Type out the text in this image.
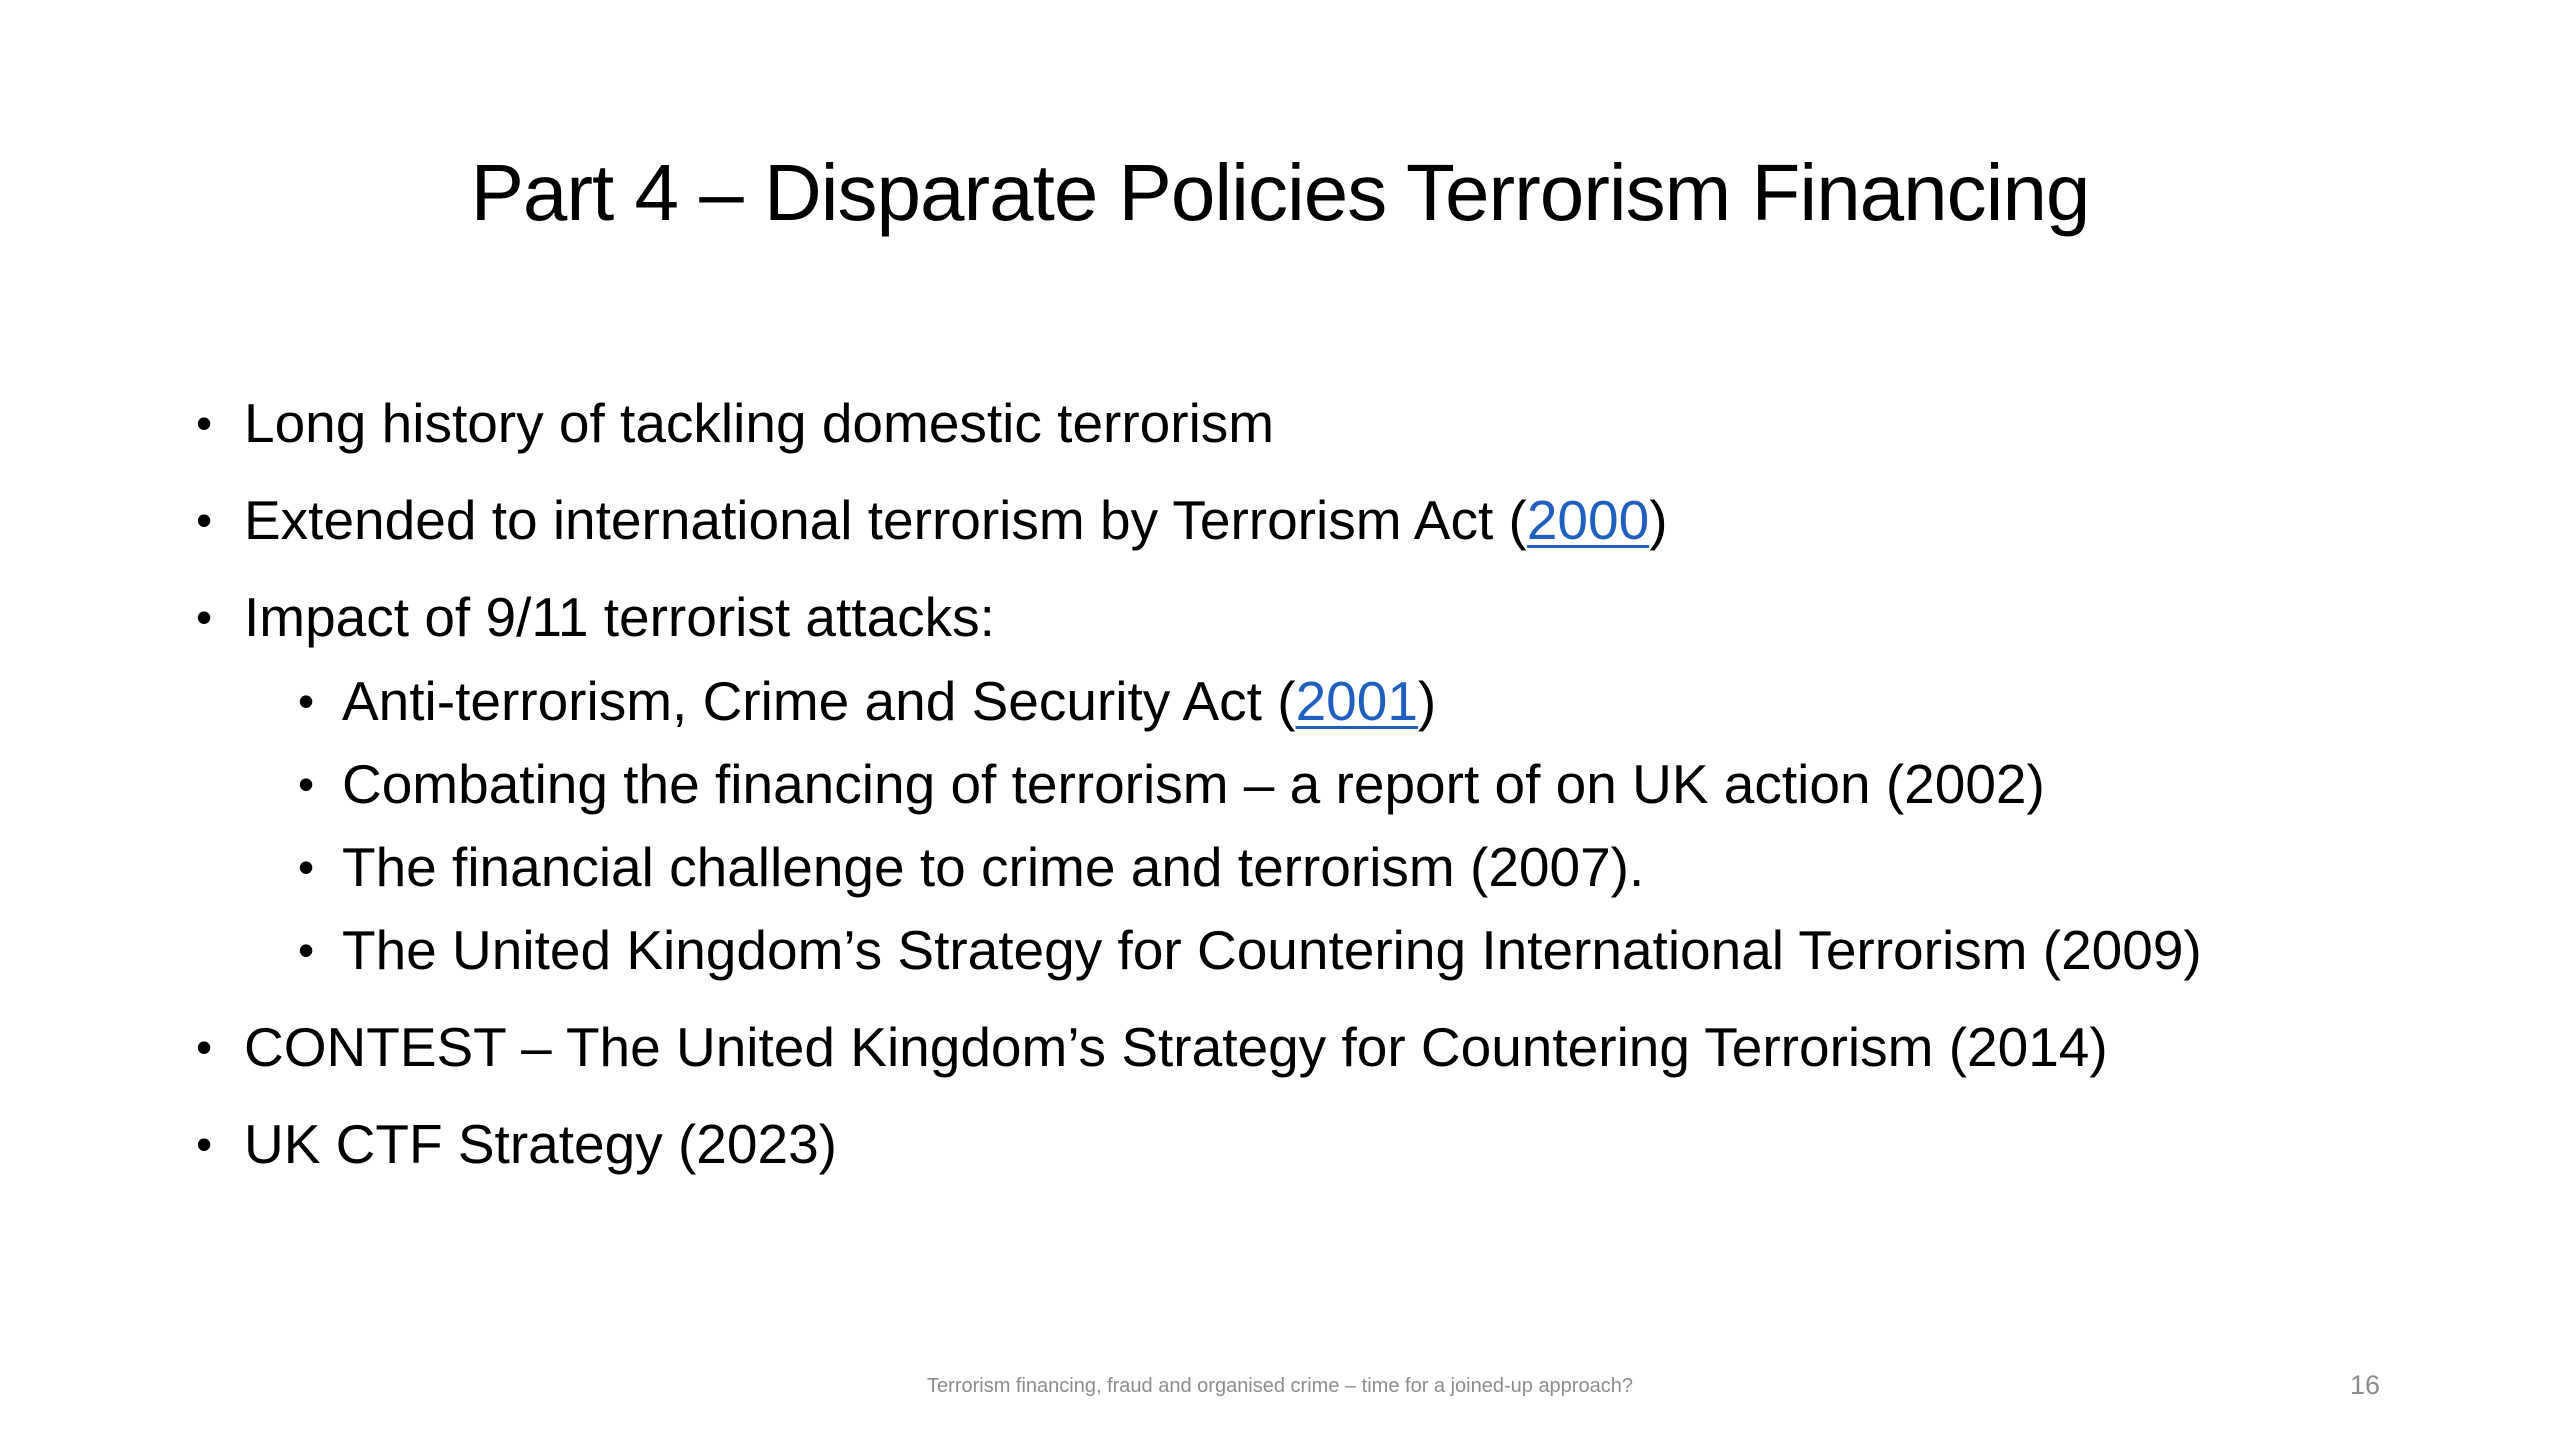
Part 4 – Disparate Policies Terrorism Financing
• Long history of tackling domestic terrorism
• Extended to international terrorism by Terrorism Act (2000)
• Impact of 9/11 terrorist attacks:
• Anti-terrorism, Crime and Security Act (2001)
• Combating the financing of terrorism – a report of on UK action (2002)
• The financial challenge to crime and terrorism (2007).
• The United Kingdom’s Strategy for Countering International Terrorism (2009)
• CONTEST – The United Kingdom’s Strategy for Countering Terrorism (2014)
• UK CTF Strategy (2023)
Terrorism financing, fraud and organised crime – time for a joined-up approach?	16
